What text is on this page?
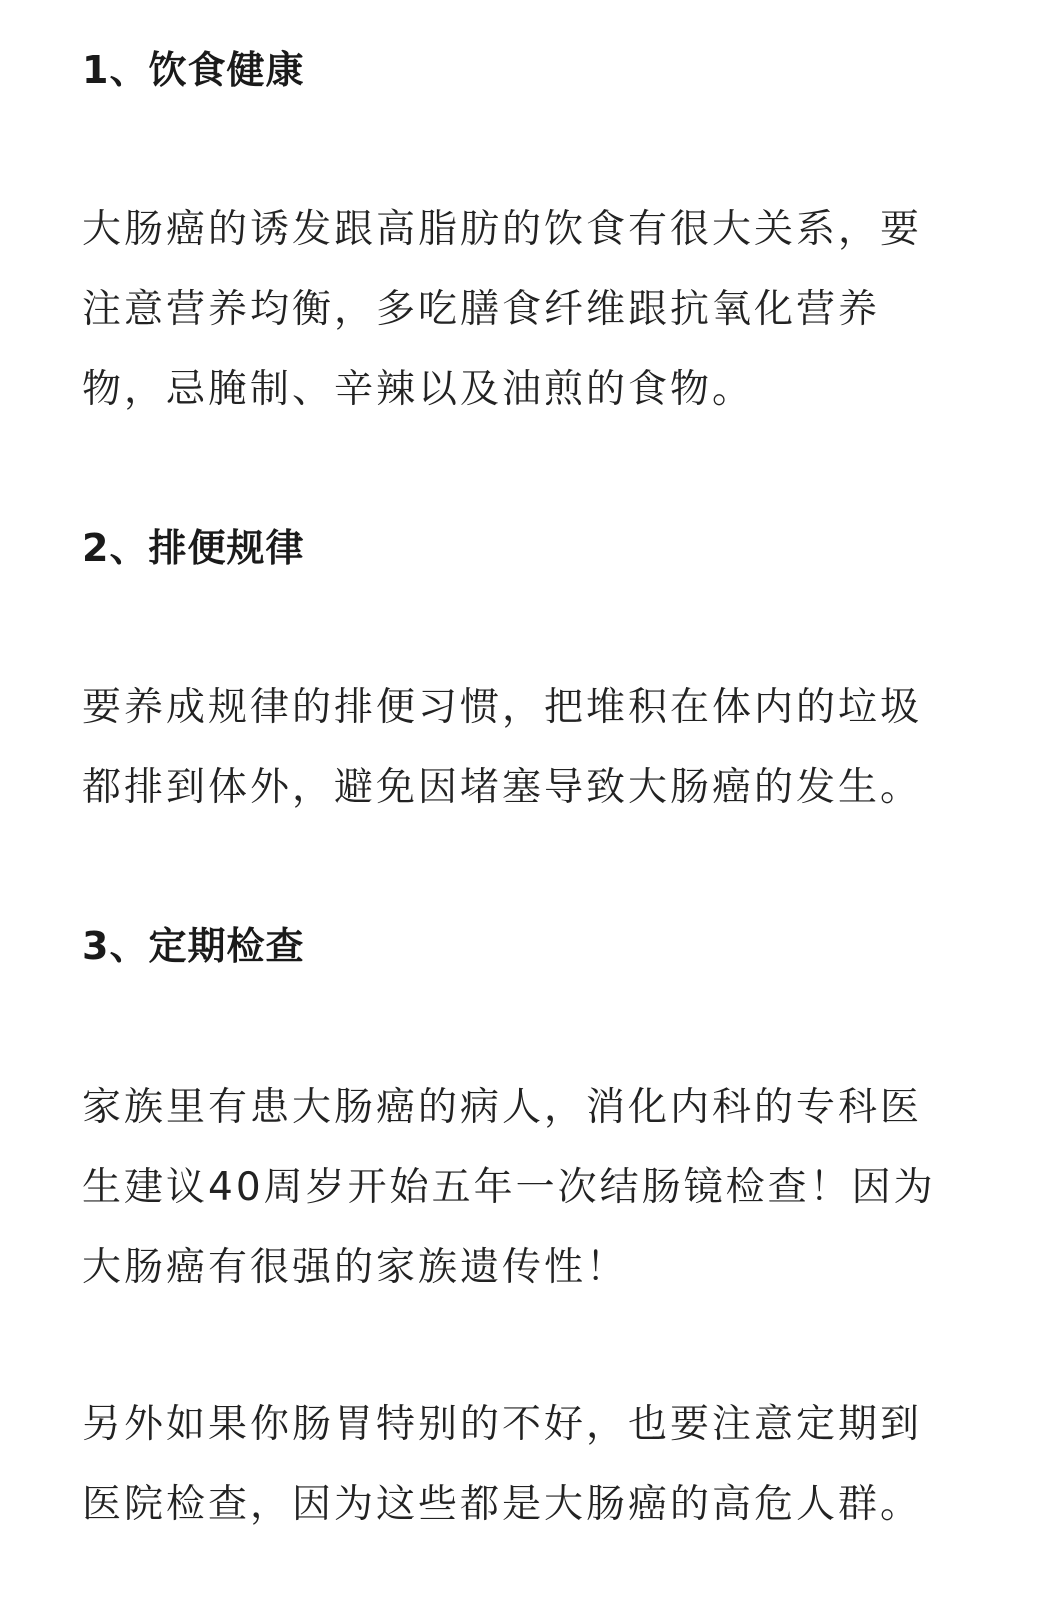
1、饮食健康

大肠癌的诱发跟高脂肪的饮食有很大关系，要
注意营养均衡，多吃膳食纤维跟抗氧化营养
物，忌腌制、辛辣以及油煎的食物。

2、排便规律

要养成规律的排便习惯，把堆积在体内的垃圾
都排到体外，避免因堵塞导致大肠癌的发生。

3、定期检查

家族里有患大肠癌的病人，消化内科的专科医
生建议40周岁开始五年一次结肠镜检查！因为
大肠癌有很强的家族遗传性！

另外如果你肠胃特别的不好，也要注意定期到
医院检查，因为这些都是大肠癌的高危人群。
